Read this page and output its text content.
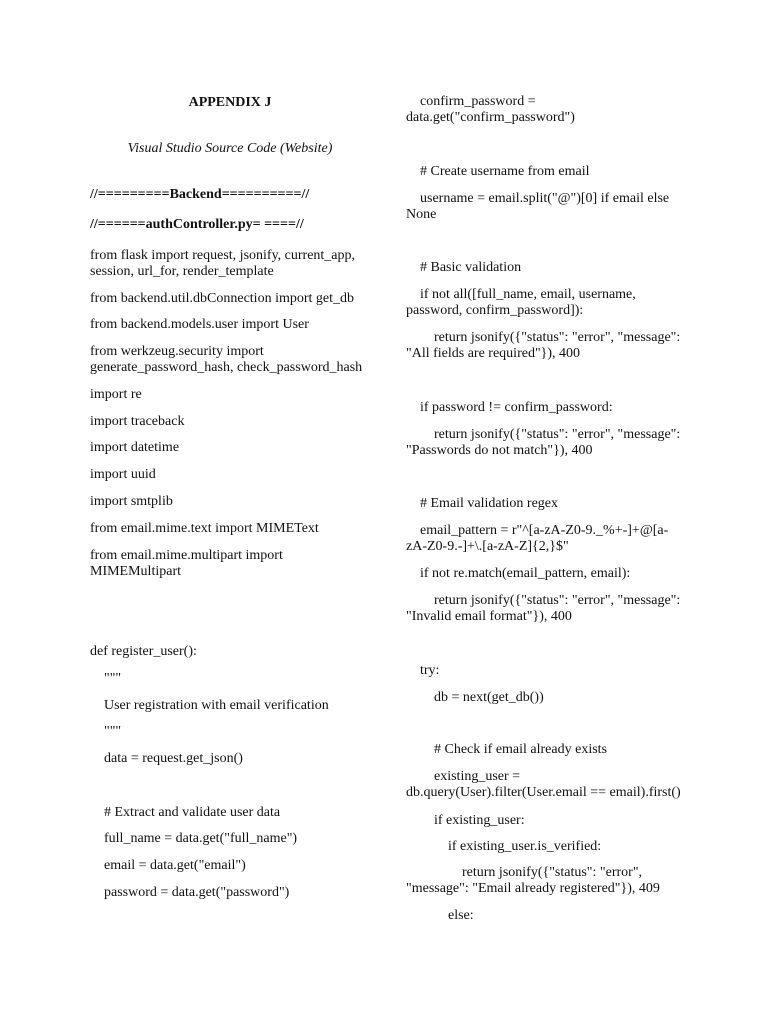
APPENDIX J
Visual Studio Source Code (Website)
//=========Backend==========//
//======authController.py= ====//
from flask import request, jsonify, current_app, session, url_for, render_template
from backend.util.dbConnection import get_db
from backend.models.user import User
from werkzeug.security import generate_password_hash, check_password_hash
import re
import traceback
import datetime
import uuid
import smtplib
from email.mime.text import MIMEText
from email.mime.multipart import MIMEMultipart
def register_user():
"""
User registration with email verification
"""
data = request.get_json()
# Extract and validate user data
full_name = data.get("full_name")
email = data.get("email")
password = data.get("password")
confirm_password = data.get("confirm_password")
# Create username from email
username = email.split("@")[0] if email else None
# Basic validation
if not all([full_name, email, username, password, confirm_password]):
return jsonify({"status": "error", "message": "All fields are required"}), 400
if password != confirm_password:
return jsonify({"status": "error", "message": "Passwords do not match"}), 400
# Email validation regex
email_pattern = r"^[a-zA-Z0-9._%+-]+@[a-zA-Z0-9.-]+\.[a-zA-Z]{2,}$"
if not re.match(email_pattern, email):
return jsonify({"status": "error", "message": "Invalid email format"}), 400
try:
db = next(get_db())
# Check if email already exists
existing_user = db.query(User).filter(User.email == email).first()
if existing_user:
if existing_user.is_verified:
return jsonify({"status": "error", "message": "Email already registered"}), 409
else:
